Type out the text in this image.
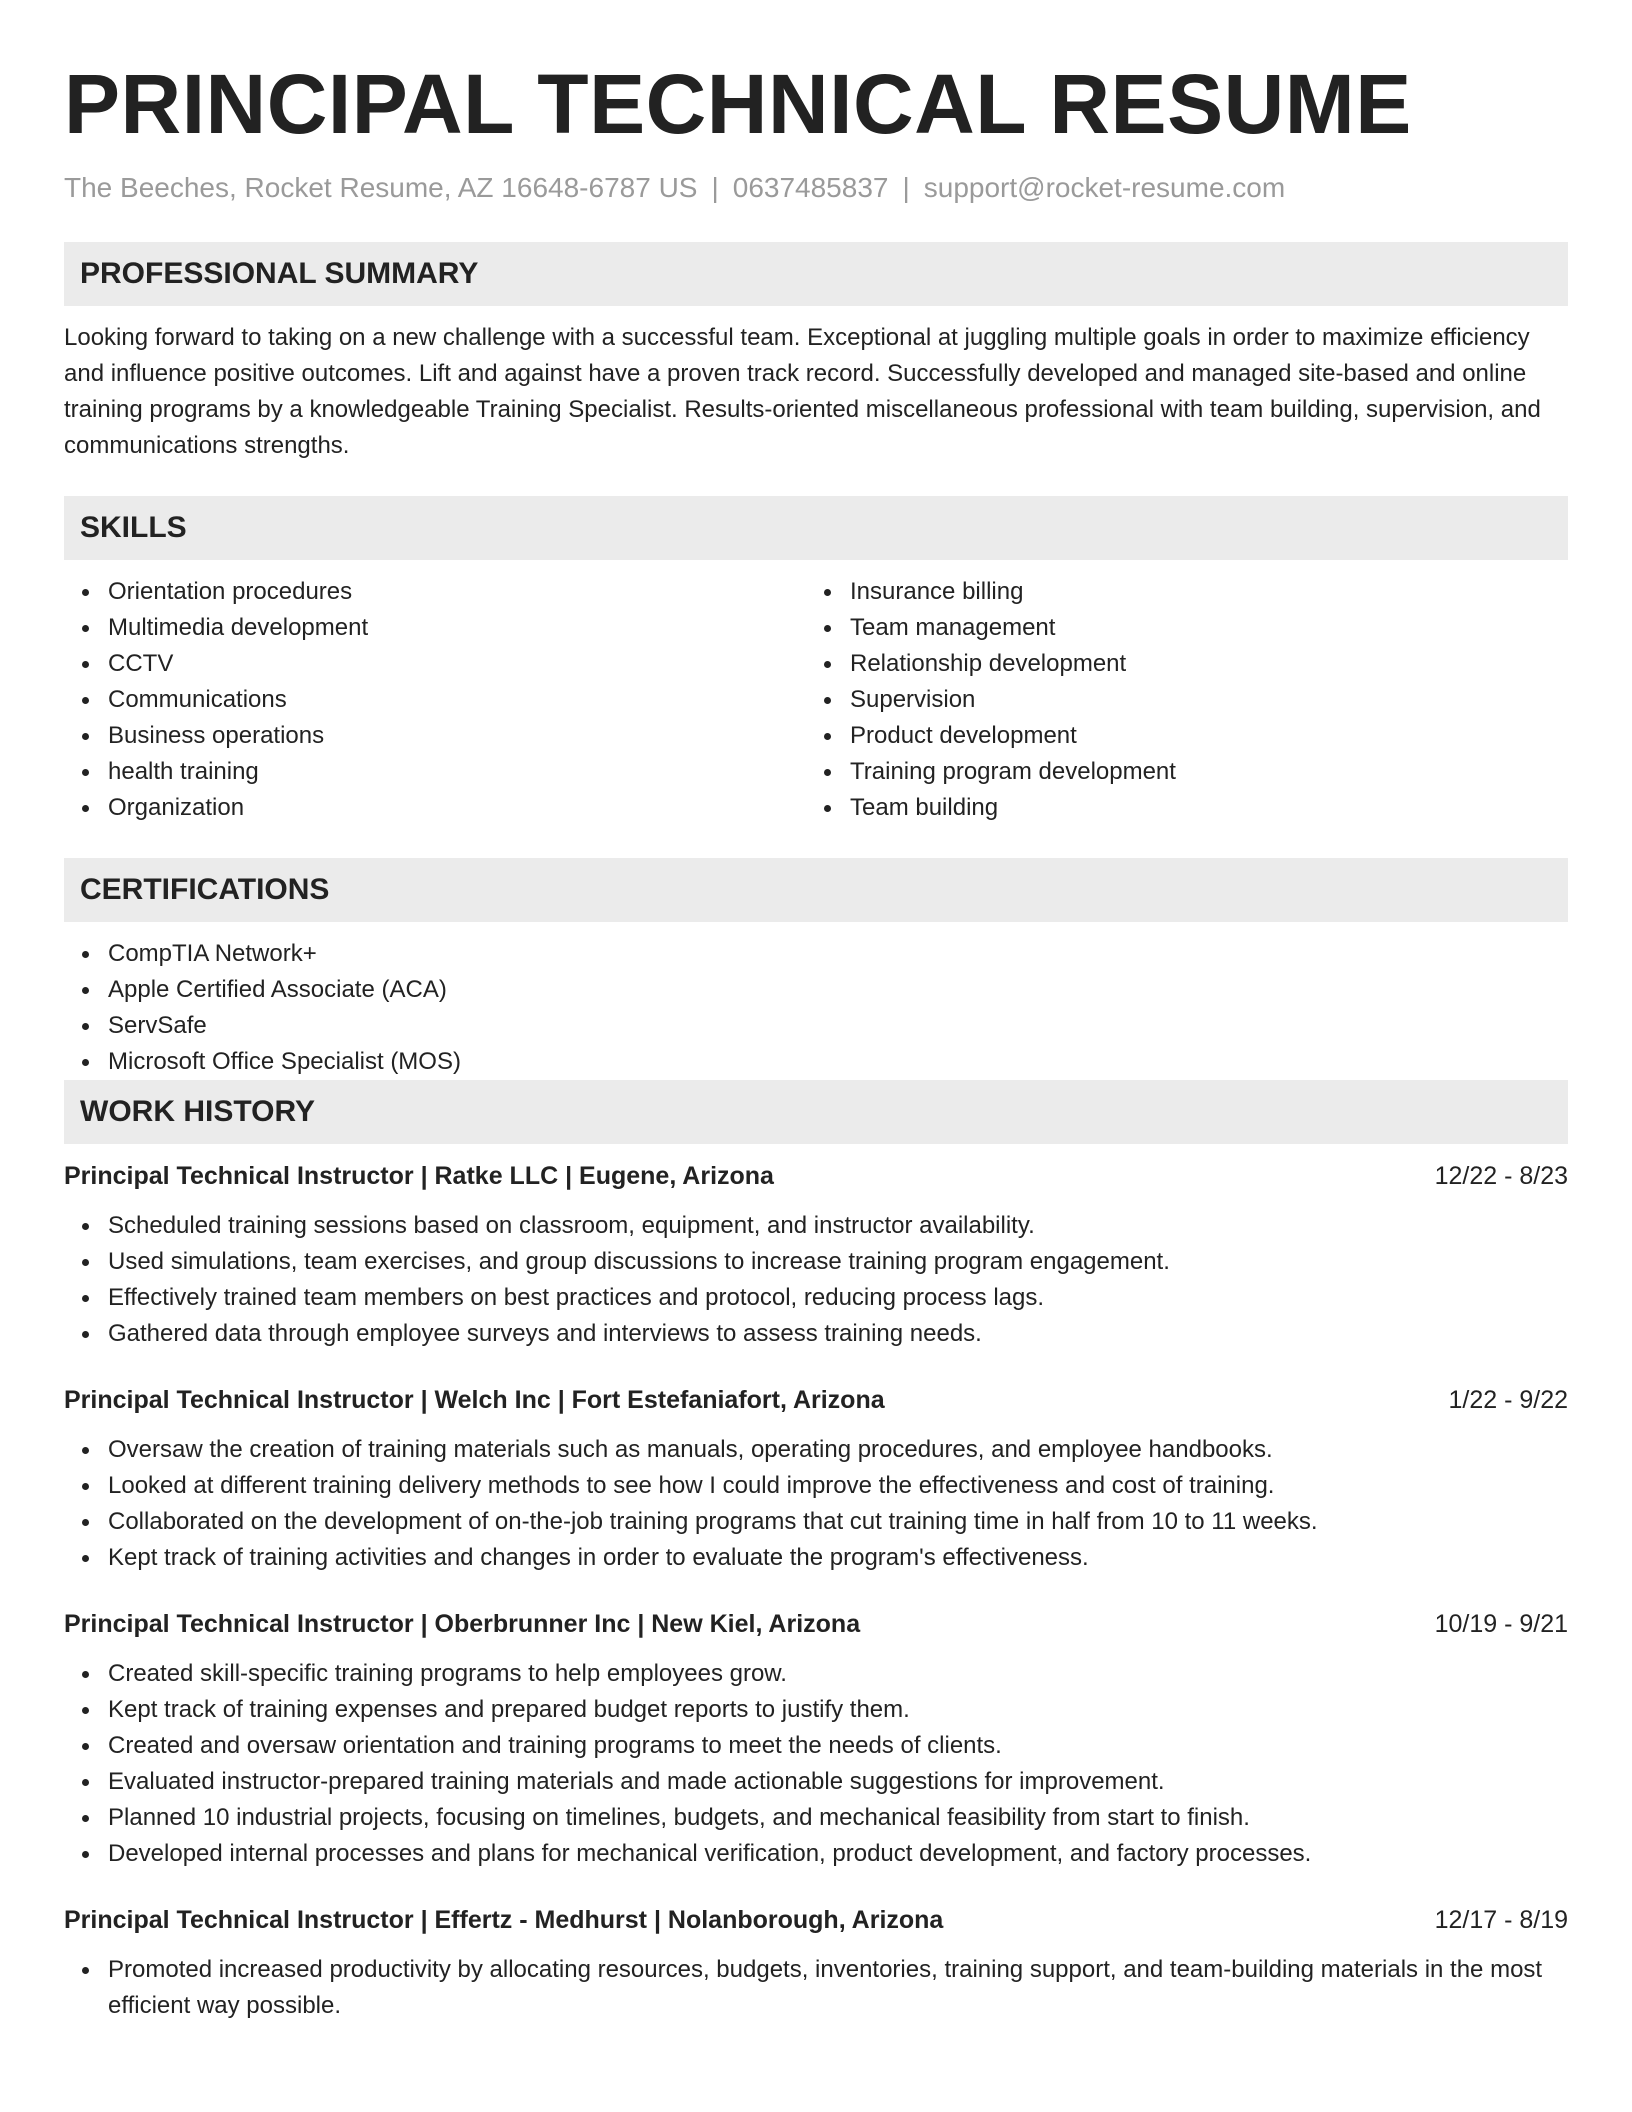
PRINCIPAL TECHNICAL RESUME
The Beeches, Rocket Resume, AZ 16648-6787 US | 0637485837 | support@rocket-resume.com
PROFESSIONAL SUMMARY

Looking forward to taking on a new challenge with a successful team. Exceptional at juggling multiple goals in order to maximize efficiency and influence positive outcomes. Lift and against have a proven track record. Successfully developed and managed site-based and online training programs by a knowledgeable Training Specialist. Results-oriented miscellaneous professional with team building, supervision, and communications strengths.

SKILLS
Orientation procedures
Multimedia development
CCTV
Communications
Business operations
health training
Organization
Insurance billing
Team management
Relationship development
Supervision
Product development
Training program development
Team building
CERTIFICATIONS
CompTIA Network+
Apple Certified Associate (ACA)
ServSafe
Microsoft Office Specialist (MOS)
WORK HISTORY
Principal Technical Instructor | Ratke LLC | Eugene, Arizona	12/22 - 8/23
Scheduled training sessions based on classroom, equipment, and instructor availability.
Used simulations, team exercises, and group discussions to increase training program engagement.
Effectively trained team members on best practices and protocol, reducing process lags.
Gathered data through employee surveys and interviews to assess training needs.
Principal Technical Instructor | Welch Inc | Fort Estefaniafort, Arizona	1/22 - 9/22
Oversaw the creation of training materials such as manuals, operating procedures, and employee handbooks.
Looked at different training delivery methods to see how I could improve the effectiveness and cost of training.
Collaborated on the development of on-the-job training programs that cut training time in half from 10 to 11 weeks.
Kept track of training activities and changes in order to evaluate the program's effectiveness.
Principal Technical Instructor | Oberbrunner Inc | New Kiel, Arizona	10/19 - 9/21
Created skill-specific training programs to help employees grow.
Kept track of training expenses and prepared budget reports to justify them.
Created and oversaw orientation and training programs to meet the needs of clients.
Evaluated instructor-prepared training materials and made actionable suggestions for improvement.
Planned 10 industrial projects, focusing on timelines, budgets, and mechanical feasibility from start to finish.
Developed internal processes and plans for mechanical verification, product development, and factory processes.
Principal Technical Instructor | Effertz - Medhurst | Nolanborough, Arizona	12/17 - 8/19
Promoted increased productivity by allocating resources, budgets, inventories, training support, and team-building materials in the most efficient way possible.
